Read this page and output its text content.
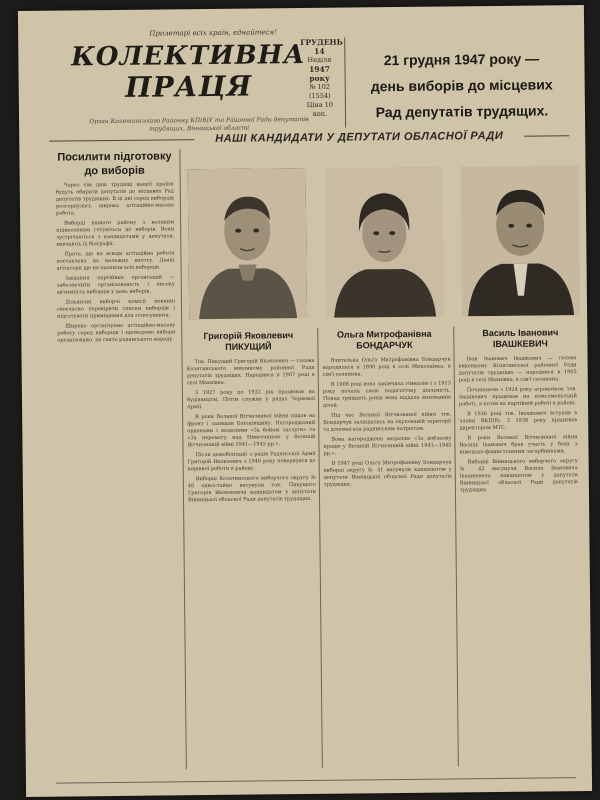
Пролетарі всіх країн, єднайтеся!
КОЛЕКТИВНА
ПРАЦЯ
Орган Козятинського Районну КП(б)У та Районної Ради депутатів трудящих, Вінницької області
ГРУДЕНЬ
14
Неділя
1947 року
№ 102 (1554)
Ціна 10 коп.
21 грудня 1947 року —
день виборів до місцевих
Рад депутатів трудящих.
НАШІ КАНДИДАТИ У ДЕПУТАТИ ОБЛАСНОЇ РАДИ
Посилити підготовку до виборів

Через сім днів трудящі нашої країни будуть обирати депутатів до місцевих Рад депутатів трудящих. В ці дні серед виборців розгорнулась широка агітаційно-масова робота.

Виборці нашого району з великим піднесенням готуються до виборів. Вони зустрічаються з кандидатами у депутати, вивчають їх біографії.

Проте, ще не всюди агітаційна робота поставлена на належну висоту. Деякі агітатори ще не охопили всіх виборців.

Завдання партійних організацій — забезпечити організованість і високу активність виборців у день виборів.

Дільничні виборчі комісії повинні своєчасно перевірити списки виборців і підготувати приміщення для голосування.

Широко організуємо агітаційно-масову роботу серед виборців і проведемо вибори організовано, як свято радянського народу.	Григорій Яковлевич
ПИКУЩИЙ
Ольга Митрофанівна
БОНДАРЧУК
Василь Іванович
ІВАШКЕВИЧ

Тов. Пикущий Григорій Яковлевич — голова Козятинського виконкому районної Ради депутатів трудящих. Народився в 1907 році в селі Махнівка.

З 1927 року по 1932 рік працював на будівництві. Потім служив у рядах Червоної Армії.

В роки Великої Вітчизняної війни пішов на фронт і захищав Батьківщину. Нагороджений орденами і медалями «За бойові заслуги» та «За перемогу над Німеччиною у Великій Вітчизняній війні 1941—1945 рр.».

Після демобілізації з рядів Радянської Армії Григорій Яковлевич з 1946 року повернувся до керівної роботи в районі.

Виборці Козятинського виборчого округу № 40 одностайно висунули тов. Пикущого Григорія Яковлевича кандидатом у депутати Вінницької обласної Ради депутатів трудящих.

Вчителька Ольга Митрофанівна Бондарчук народилася в 1890 році в селі Миколаївка, в сім'ї селянина.

В 1908 році вона закінчила гімназію і з 1913 року почала свою педагогічну діяльність. Понад тридцять років вона віддала вихованню дітей.

Під час Великої Вітчизняної війни тов. Бондарчук залишалась на окупованій території та допомагала радянським патріотам.

Вона нагороджена медаллю «За доблесну працю у Великій Вітчизняній війні 1941—1945 рр.».

В 1947 році Ольгу Митрофанівну Бондарчук виборці округу № 41 висунули кандидатом у депутати Вінницької обласної Ради депутатів трудящих.

Іван Іванович Івашкевич — голова виконкому Козятинської районної Ради депутатів трудящих — народився в 1905 році в селі Махнівка, в сім'ї селянина.

Починаючи з 1924 року агрономом, тов. Івашкевич працював на комсомольській роботі, а потім на партійній роботі в районі.

В 1936 році тов. Івашкевич вступив в члени ВКП(б). З 1938 року працював директором МТС.

В роки Великої Вітчизняної війни Василь Іванович брав участь у боях з німецько-фашистськими загарбниками.

Виборці Вінницького виборчого округу № 42 висунули Василя Івановича Івашкевича кандидатом у депутати Вінницької обласної Ради депутатів трудящих.
